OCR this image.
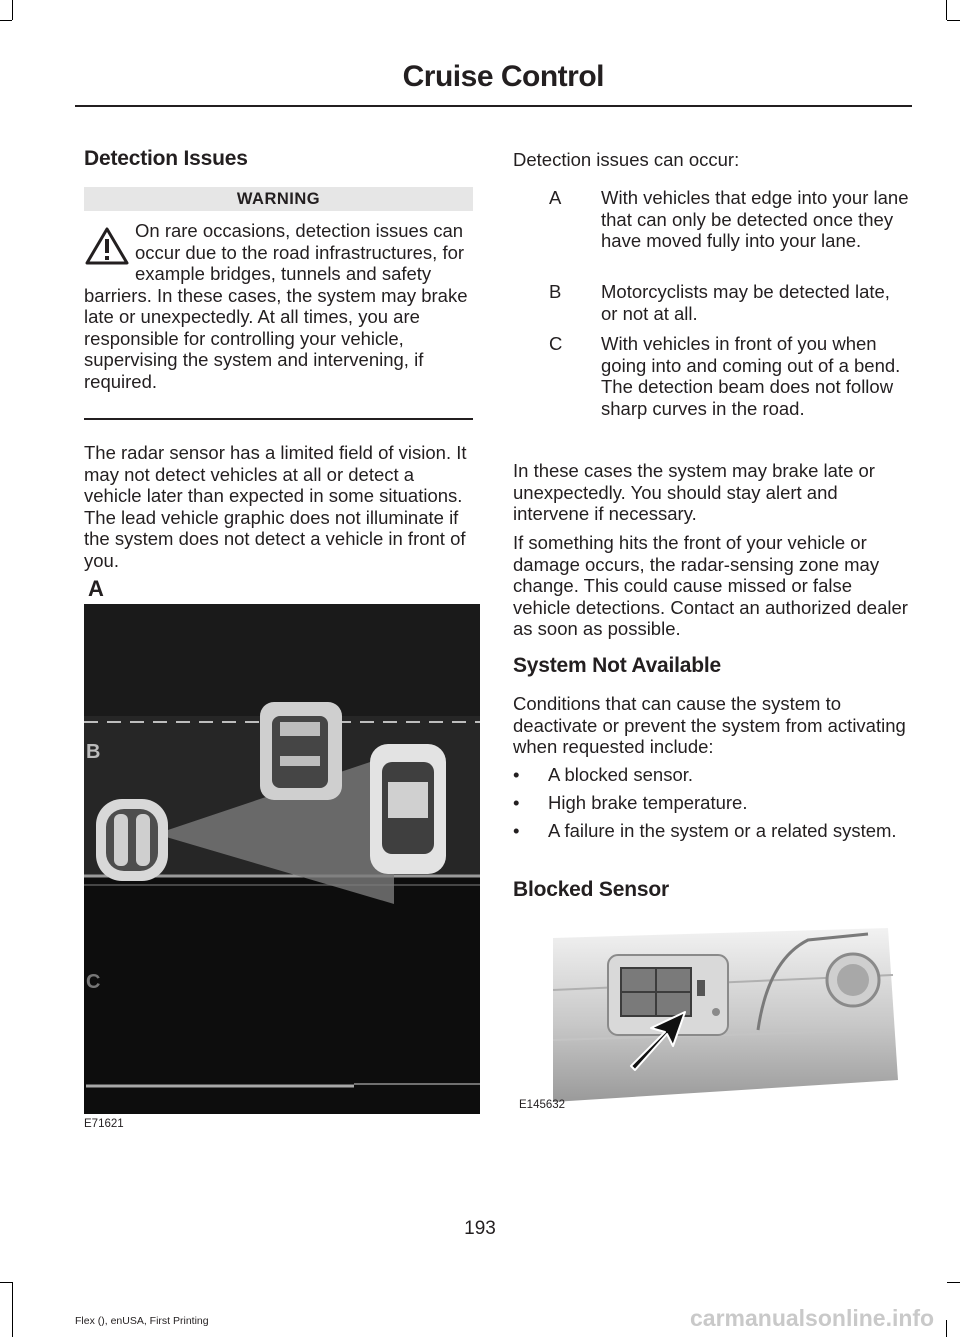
Cruise Control
Detection Issues
WARNING

On rare occasions, detection issues can occur due to the road infrastructures, for example bridges, tunnels and safety barriers. In these cases, the system may brake late or unexpectedly. At all times, you are responsible for controlling your vehicle, supervising the system and intervening, if required.

The radar sensor has a limited field of vision. It may not detect vehicles at all or detect a vehicle later than expected in some situations. The lead vehicle graphic does not illuminate if the system does not detect a vehicle in front of you.

A
B
C
E71621

Detection issues can occur:

A With vehicles that edge into your lane that can only be detected once they have moved fully into your lane.
B Motorcyclists may be detected late, or not at all.
C With vehicles in front of you when going into and coming out of a bend. The detection beam does not follow sharp curves in the road.

In these cases the system may brake late or unexpectedly. You should stay alert and intervene if necessary.

If something hits the front of your vehicle or damage occurs, the radar-sensing zone may change. This could cause missed or false vehicle detections. Contact an authorized dealer as soon as possible.

System Not Available

Conditions that can cause the system to deactivate or prevent the system from activating when requested include:

• A blocked sensor.
• High brake temperature.
• A failure in the system or a related system.
Blocked Sensor
E145632
193
Flex (), enUSA, First Printing	carmanualsonline.info
